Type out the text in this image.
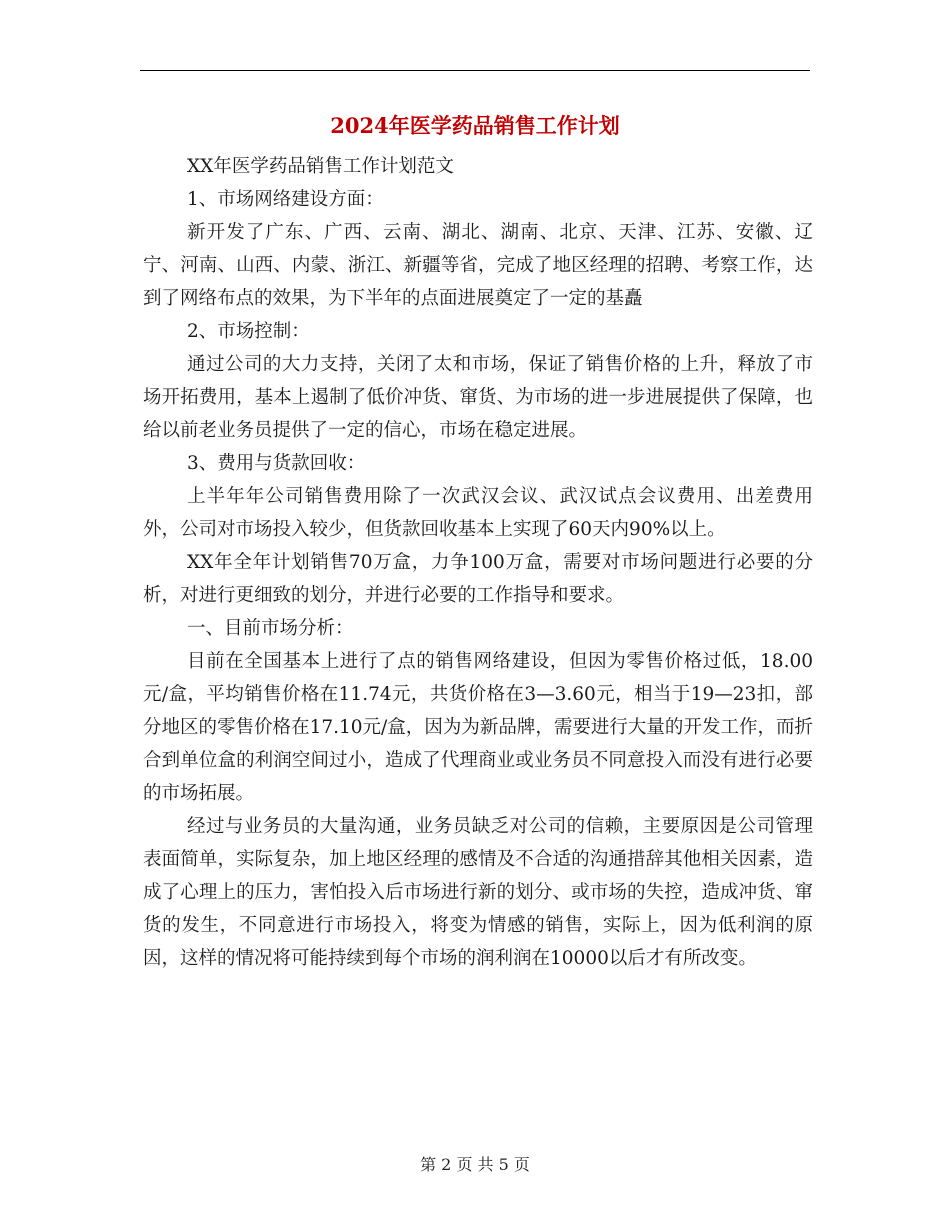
2024年医学药品销售工作计划

XX年医学药品销售工作计划范文

1、市场网络建设方面：

新开发了广东、广西、云南、湖北、湖南、北京、天津、江苏、安徽、辽宁、河南、山西、内蒙、浙江、新疆等省，完成了地区经理的招聘、考察工作，达到了网络布点的效果，为下半年的点面进展奠定了一定的基矗

2、市场控制：

通过公司的大力支持，关闭了太和市场，保证了销售价格的上升，释放了市场开拓费用，基本上遏制了低价冲货、窜货、为市场的进一步进展提供了保障，也给以前老业务员提供了一定的信心，市场在稳定进展。

3、费用与货款回收：

上半年年公司销售费用除了一次武汉会议、武汉试点会议费用、出差费用外，公司对市场投入较少，但货款回收基本上实现了60天内90%以上。

XX年全年计划销售70万盒，力争100万盒，需要对市场问题进行必要的分析，对进行更细致的划分，并进行必要的工作指导和要求。

一、目前市场分析：

目前在全国基本上进行了点的销售网络建设，但因为零售价格过低，18.00元/盒，平均销售价格在11.74元，共货价格在3—3.60元，相当于19—23扣，部分地区的零售价格在17.10元/盒，因为为新品牌，需要进行大量的开发工作，而折合到单位盒的利润空间过小，造成了代理商业或业务员不同意投入而没有进行必要的市场拓展。

经过与业务员的大量沟通，业务员缺乏对公司的信赖，主要原因是公司管理表面简单，实际复杂，加上地区经理的感情及不合适的沟通措辞其他相关因素，造成了心理上的压力，害怕投入后市场进行新的划分、或市场的失控，造成冲货、窜货的发生，不同意进行市场投入，将变为情感的销售，实际上，因为低利润的原因，这样的情况将可能持续到每个市场的润利润在10000以后才有所改变。

第 2 页 共 5 页
